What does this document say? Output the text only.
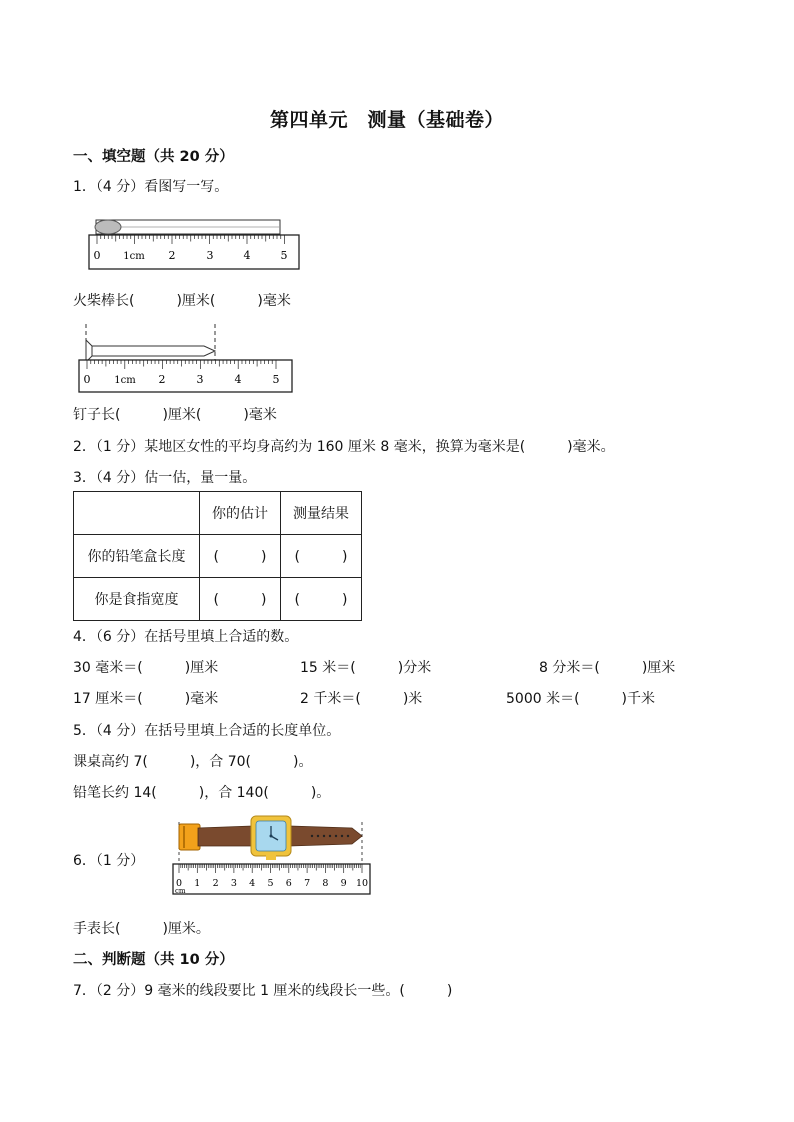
第四单元　测量（基础卷）
一、填空题（共 20 分）
1．（4 分）看图写一写。
0 1cm 2	3	4	5
火柴棒长(　　　)厘米(　　　)毫米
0 1cm 2	3	4	5
钉子长(　　　)厘米(　　　)毫米
2．（1 分）某地区女性的平均身高约为 160 厘米 8 毫米，换算为毫米是(　　　)毫米。
3．（4 分）估一估，量一量。
	你的估计	测量结果
你的铅笔盒长度	(　　　)	(　　　)
你是食指宽度	(　　　)	(　　　)
4．（6 分）在括号里填上合适的数。
30 毫米＝(　　　)厘米	15 米＝(　　　)分米	8 分米＝(　　　)厘米
17 厘米＝(　　　)毫米	2 千米＝(　　　)米	5000 米＝(　　　)千米
5．（4 分）在括号里填上合适的长度单位。
课桌高约 7(　　　)，合 70(　　　)。
铅笔长约 14(　　　)，合 140(　　　)。
6．（1 分）
0 1 2 3 4 5 6 7 8 9 10
cm
手表长(　　　)厘米。
二、判断题（共 10 分）
7．（2 分）9 毫米的线段要比 1 厘米的线段长一些。(　　　)
